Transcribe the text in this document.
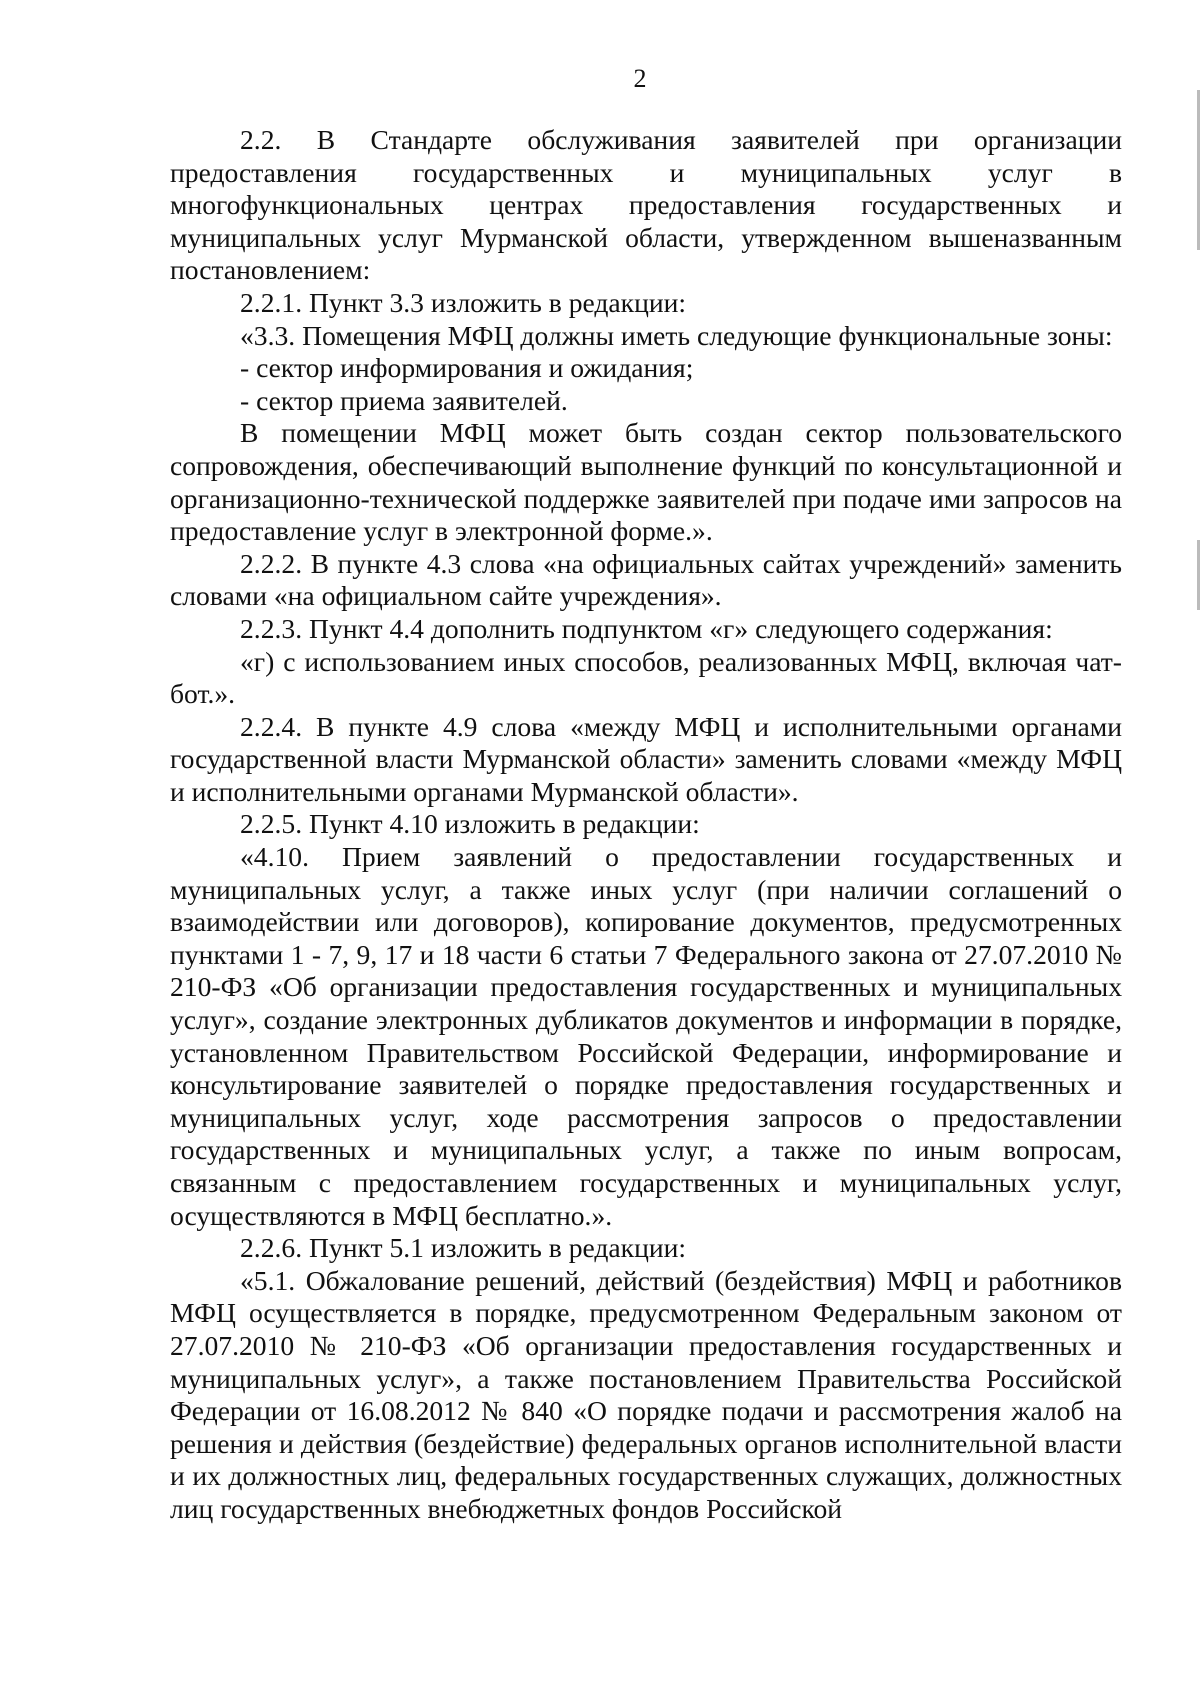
2

2.2. В Стандарте обслуживания заявителей при организации предоставления государственных и муниципальных услуг в многофункциональных центрах предоставления государственных и муниципальных услуг Мурманской области, утвержденном вышеназванным постановлением:

2.2.1. Пункт 3.3 изложить в редакции:

«3.3. Помещения МФЦ должны иметь следующие функциональные зоны:

- сектор информирования и ожидания;

- сектор приема заявителей.

В помещении МФЦ может быть создан сектор пользовательского сопровождения, обеспечивающий выполнение функций по консультационной и организационно-технической поддержке заявителей при подаче ими запросов на предоставление услуг в электронной форме.».

2.2.2. В пункте 4.3 слова «на официальных сайтах учреждений» заменить словами «на официальном сайте учреждения».

2.2.3. Пункт 4.4 дополнить подпунктом «г» следующего содержания:

«г) с использованием иных способов, реализованных МФЦ, включая чат-бот.».

2.2.4. В пункте 4.9 слова «между МФЦ и исполнительными органами государственной власти Мурманской области» заменить словами «между МФЦ и исполнительными органами Мурманской области».

2.2.5. Пункт 4.10 изложить в редакции:

«4.10. Прием заявлений о предоставлении государственных и муниципальных услуг, а также иных услуг (при наличии соглашений о взаимодействии или договоров), копирование документов, предусмотренных пунктами 1 - 7, 9, 17 и 18 части 6 статьи 7 Федерального закона от 27.07.2010 № 210-ФЗ «Об организации предоставления государственных и муниципальных услуг», создание электронных дубликатов документов и информации в порядке, установленном Правительством Российской Федерации, информирование и консультирование заявителей о порядке предоставления государственных и муниципальных услуг, ходе рассмотрения запросов о предоставлении государственных и муниципальных услуг, а также по иным вопросам, связанным с предоставлением государственных и муниципальных услуг, осуществляются в МФЦ бесплатно.».

2.2.6. Пункт 5.1 изложить в редакции:

«5.1. Обжалование решений, действий (бездействия) МФЦ и работников МФЦ осуществляется в порядке, предусмотренном Федеральным законом от 27.07.2010 № 210-ФЗ «Об организации предоставления государственных и муниципальных услуг», а также постановлением Правительства Российской Федерации от 16.08.2012 № 840 «О порядке подачи и рассмотрения жалоб на решения и действия (бездействие) федеральных органов исполнительной власти и их должностных лиц, федеральных государственных служащих, должностных лиц государственных внебюджетных фондов Российской
